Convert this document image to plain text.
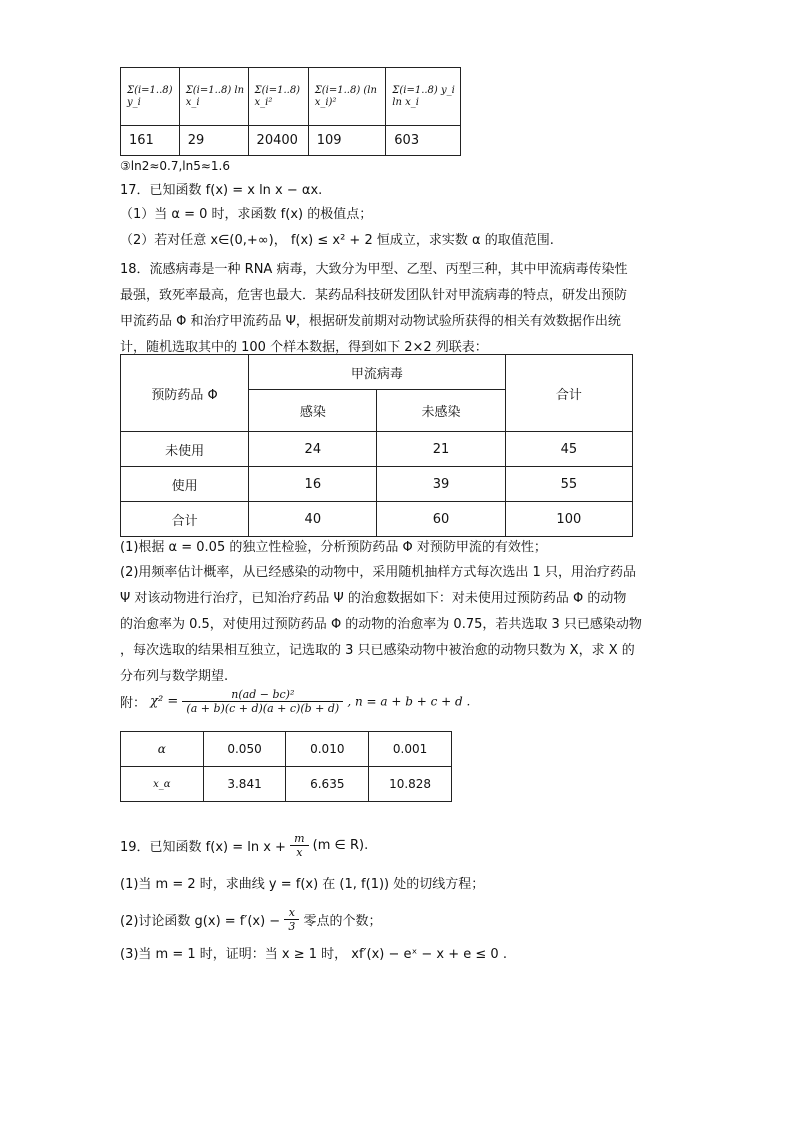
Σ(i=1..8) y_i	Σ(i=1..8) ln x_i	Σ(i=1..8) x_i²	Σ(i=1..8) (ln x_i)²	Σ(i=1..8) y_i ln x_i
161	29	20400	109	603
③ln2≈0.7,ln5≈1.6
17．已知函数 f(x) = x ln x − αx.
（1）当 α = 0 时，求函数 f(x) 的极值点；
（2）若对任意 x∈(0,+∞)， f(x) ≤ x² + 2 恒成立，求实数 α 的取值范围.
18．流感病毒是一种 RNA 病毒，大致分为甲型、乙型、丙型三种，其中甲流病毒传染性
最强，致死率最高，危害也最大．某药品科技研发团队针对甲流病毒的特点，研发出预防
甲流药品 Φ 和治疗甲流药品 Ψ，根据研发前期对动物试验所获得的相关有效数据作出统
计，随机选取其中的 100 个样本数据，得到如下 2×2 列联表：
预防药品 Φ	甲流病毒		合计
	感染	未感染	
未使用	24	21	45
使用	16	39	55
合计	40	60	100
(1)根据 α = 0.05 的独立性检验，分析预防药品 Φ 对预防甲流的有效性；
(2)用频率估计概率，从已经感染的动物中，采用随机抽样方式每次选出 1 只，用治疗药品
Ψ 对该动物进行治疗，已知治疗药品 Ψ 的治愈数据如下：对未使用过预防药品 Φ 的动物
的治愈率为 0.5，对使用过预防药品 Φ 的动物的治愈率为 0.75，若共选取 3 只已感染动物
，每次选取的结果相互独立，记选取的 3 只已感染动物中被治愈的动物只数为 X，求 X 的
分布列与数学期望.
附： $\chi^2 = \frac{\text{n(ad − bc)²}}{(a + b)(c + d)(a + c)(b + d)}$ , n = a + b + c + d .
α	0.050	0.010	0.001
x_α	3.841	6.635	10.828
19．已知函数 $f(x) = \ln x + \frac{m}{x} (m$ ∈ R).
(1)当 m = 2 时，求曲线 y = f(x) 在 (1, f(1)) 处的切线方程；
(2)讨论函数 $g(x) = f'(x) - \frac{x}{3}$ 零点的个数；
(3)当 m = 1 时，证明：当 x ≥ 1 时， xf′(x) − eˣ − x + e ≤ 0 .
